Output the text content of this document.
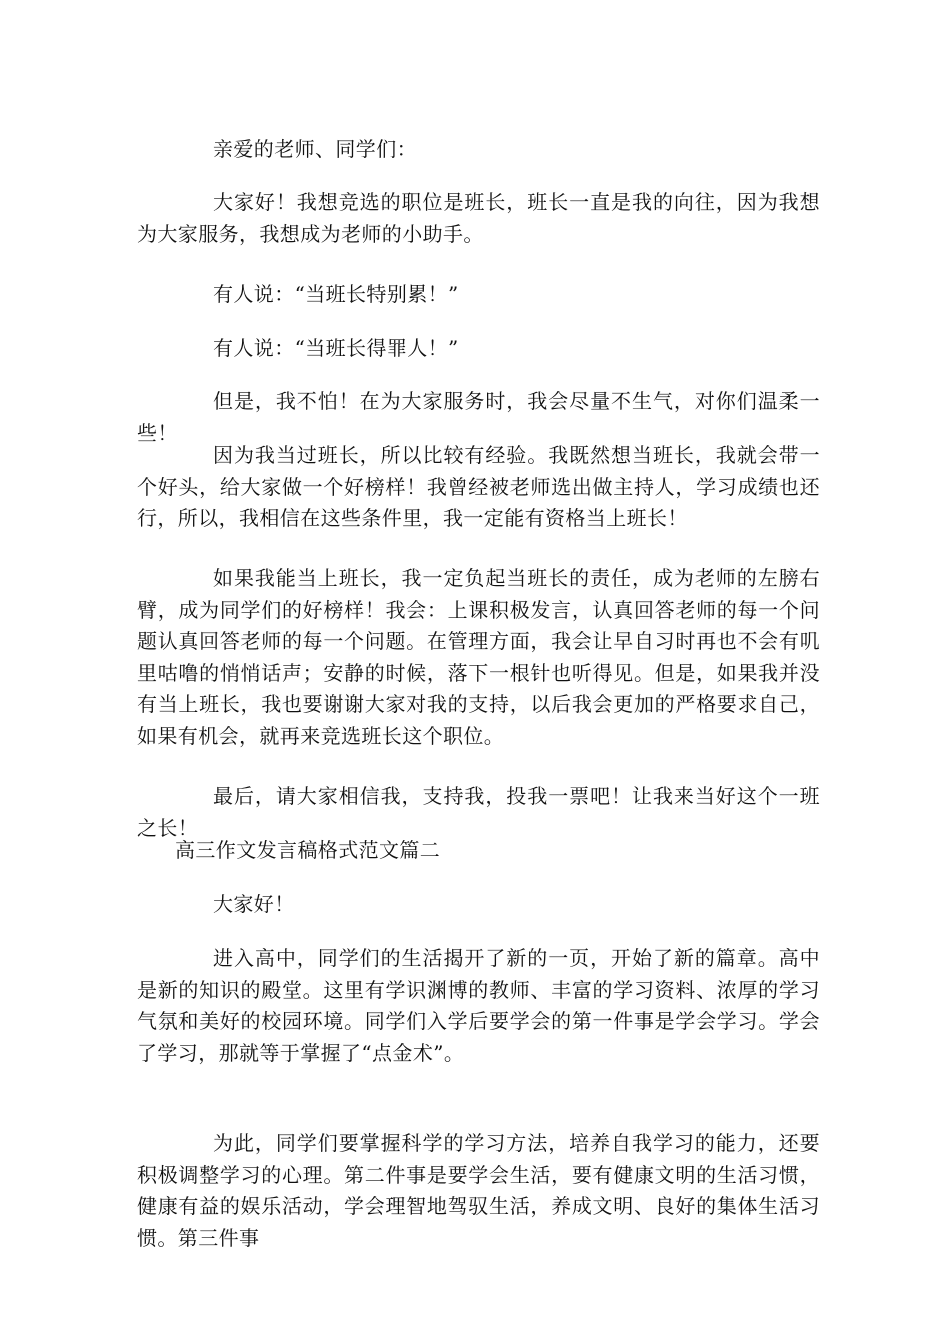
亲爱的老师、同学们：

大家好！我想竞选的职位是班长，班长一直是我的向往，因为我想为大家服务，我想成为老师的小助手。

有人说：“当班长特别累！”

有人说：“当班长得罪人！”

但是，我不怕！在为大家服务时，我会尽量不生气，对你们温柔一些！

因为我当过班长，所以比较有经验。我既然想当班长，我就会带一个好头，给大家做一个好榜样！我曾经被老师选出做主持人，学习成绩也还行，所以，我相信在这些条件里，我一定能有资格当上班长！

如果我能当上班长，我一定负起当班长的责任，成为老师的左膀右臂，成为同学们的好榜样！我会：上课积极发言，认真回答老师的每一个问题认真回答老师的每一个问题。在管理方面，我会让早自习时再也不会有叽里咕噜的悄悄话声；安静的时候，落下一根针也听得见。但是，如果我并没有当上班长，我也要谢谢大家对我的支持，以后我会更加的严格要求自己，如果有机会，就再来竞选班长这个职位。

最后，请大家相信我，支持我，投我一票吧！让我来当好这个一班之长！

高三作文发言稿格式范文篇二

大家好！

进入高中，同学们的生活揭开了新的一页，开始了新的篇章。高中是新的知识的殿堂。这里有学识渊博的教师、丰富的学习资料、浓厚的学习气氛和美好的校园环境。同学们入学后要学会的第一件事是学会学习。学会了学习，那就等于掌握了“点金术”。

为此，同学们要掌握科学的学习方法，培养自我学习的能力，还要积极调整学习的心理。第二件事是要学会生活，要有健康文明的生活习惯，健康有益的娱乐活动，学会理智地驾驭生活，养成文明、良好的集体生活习惯。第三件事
